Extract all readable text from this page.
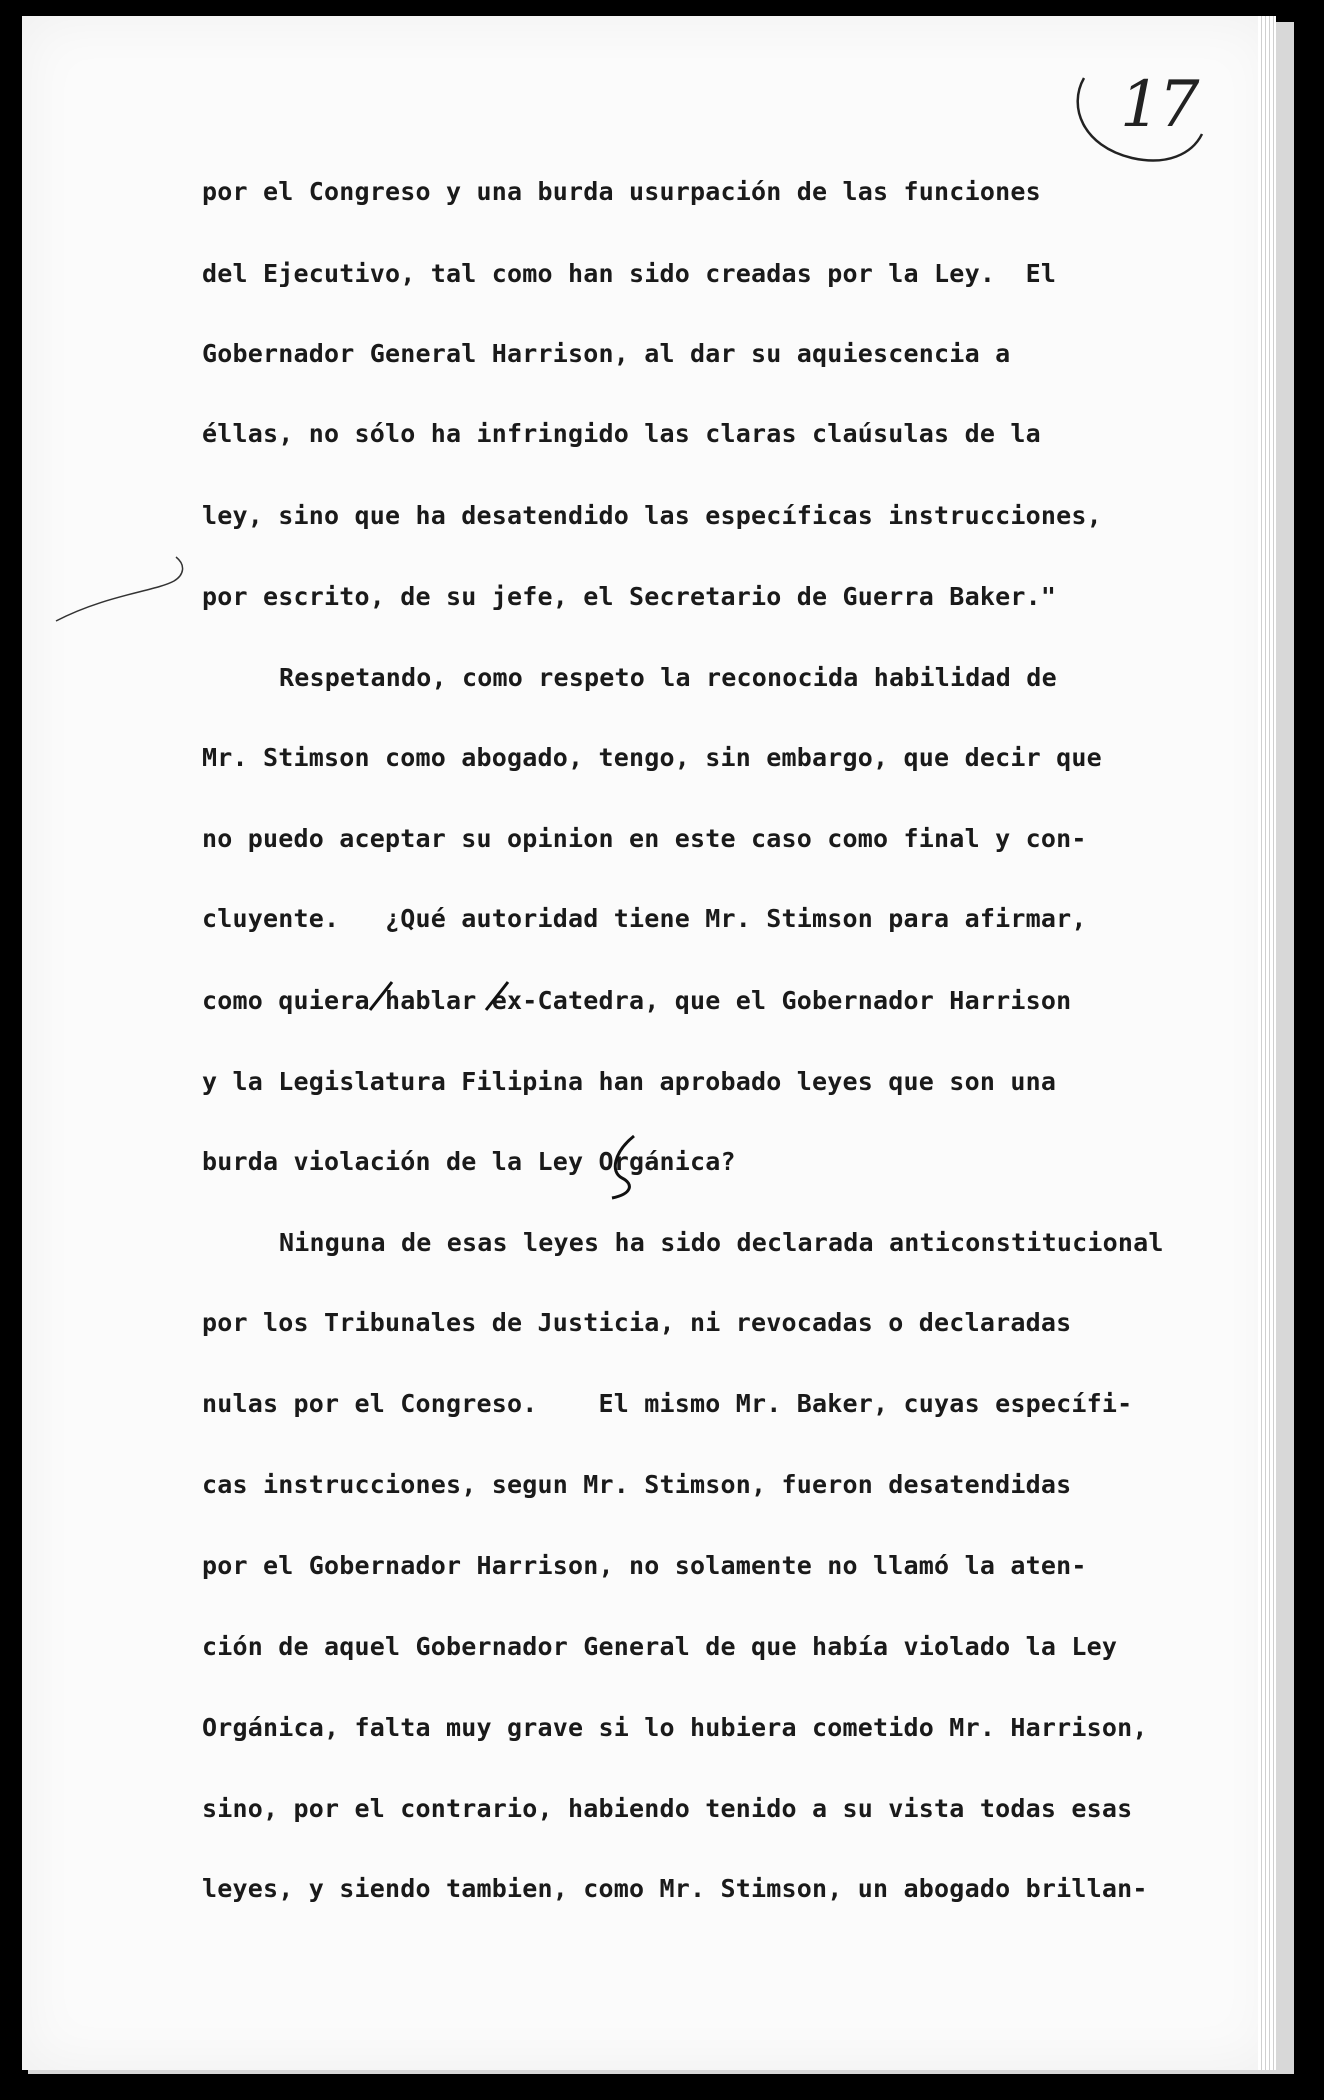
17
por el Congreso y una burda usurpación de las funciones
del Ejecutivo, tal como han sido creadas por la Ley.  El
Gobernador General Harrison, al dar su aquiescencia a
éllas, no sólo ha infringido las claras claúsulas de la
ley, sino que ha desatendido las específicas instrucciones,
por escrito, de su jefe, el Secretario de Guerra Baker."
Respetando, como respeto la reconocida habilidad de
Mr. Stimson como abogado, tengo, sin embargo, que decir que
no puedo aceptar su opinion en este caso como final y con-
cluyente.   ¿Qué autoridad tiene Mr. Stimson para afirmar,
como quiera hablar ex-Catedra, que el Gobernador Harrison
y la Legislatura Filipina han aprobado leyes que son una
burda violación de la Ley Orgánica?
Ninguna de esas leyes ha sido declarada anticonstitucional
por los Tribunales de Justicia, ni revocadas o declaradas
nulas por el Congreso.    El mismo Mr. Baker, cuyas específi-
cas instrucciones, segun Mr. Stimson, fueron desatendidas
por el Gobernador Harrison, no solamente no llamó la aten-
ción de aquel Gobernador General de que había violado la Ley
Orgánica, falta muy grave si lo hubiera cometido Mr. Harrison,
sino, por el contrario, habiendo tenido a su vista todas esas
leyes, y siendo tambien, como Mr. Stimson, un abogado brillan-
